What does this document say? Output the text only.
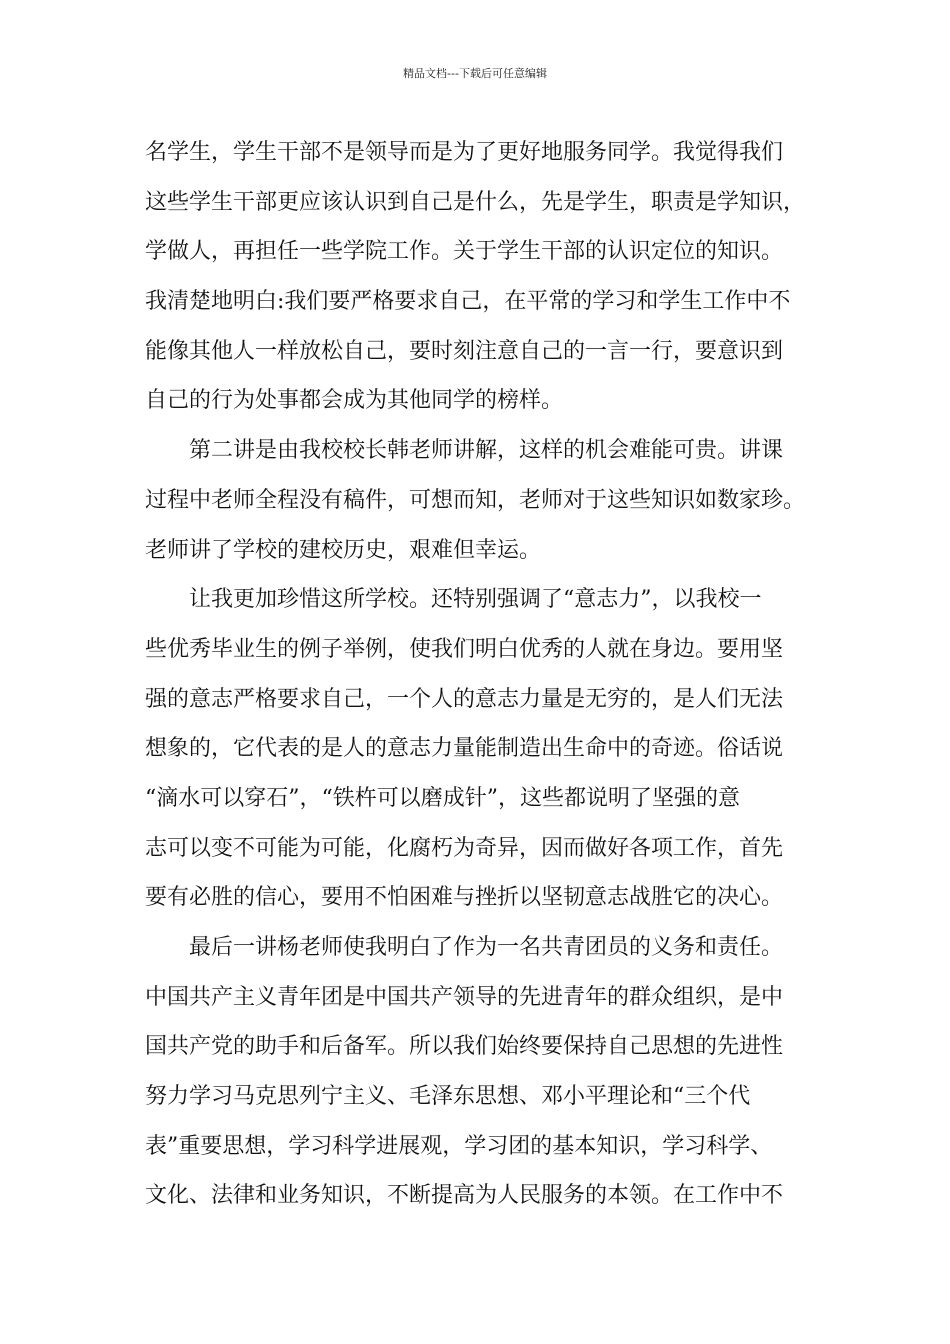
精品文档---下载后可任意编辑
名学生，学生干部不是领导而是为了更好地服务同学。我觉得我们
这些学生干部更应该认识到自己是什么，先是学生，职责是学知识，
学做人，再担任一些学院工作。关于学生干部的认识定位的知识。
我清楚地明白:我们要严格要求自己，在平常的学习和学生工作中不
能像其他人一样放松自己，要时刻注意自己的一言一行，要意识到
自己的行为处事都会成为其他同学的榜样。
第二讲是由我校校长韩老师讲解，这样的机会难能可贵。讲课
过程中老师全程没有稿件，可想而知，老师对于这些知识如数家珍。
老师讲了学校的建校历史，艰难但幸运。
让我更加珍惜这所学校。还特别强调了“意志力”，以我校一
些优秀毕业生的例子举例，使我们明白优秀的人就在身边。要用坚
强的意志严格要求自己，一个人的意志力量是无穷的，是人们无法
想象的，它代表的是人的意志力量能制造出生命中的奇迹。俗话说
“滴水可以穿石”，“铁杵可以磨成针”，这些都说明了坚强的意
志可以变不可能为可能，化腐朽为奇异，因而做好各项工作，首先
要有必胜的信心，要用不怕困难与挫折以坚韧意志战胜它的决心。
最后一讲杨老师使我明白了作为一名共青团员的义务和责任。
中国共产主义青年团是中国共产领导的先进青年的群众组织，是中
国共产党的助手和后备军。所以我们始终要保持自己思想的先进性
努力学习马克思列宁主义、毛泽东思想、邓小平理论和“三个代
表”重要思想，学习科学进展观，学习团的基本知识，学习科学、
文化、法律和业务知识，不断提高为人民服务的本领。在工作中不
